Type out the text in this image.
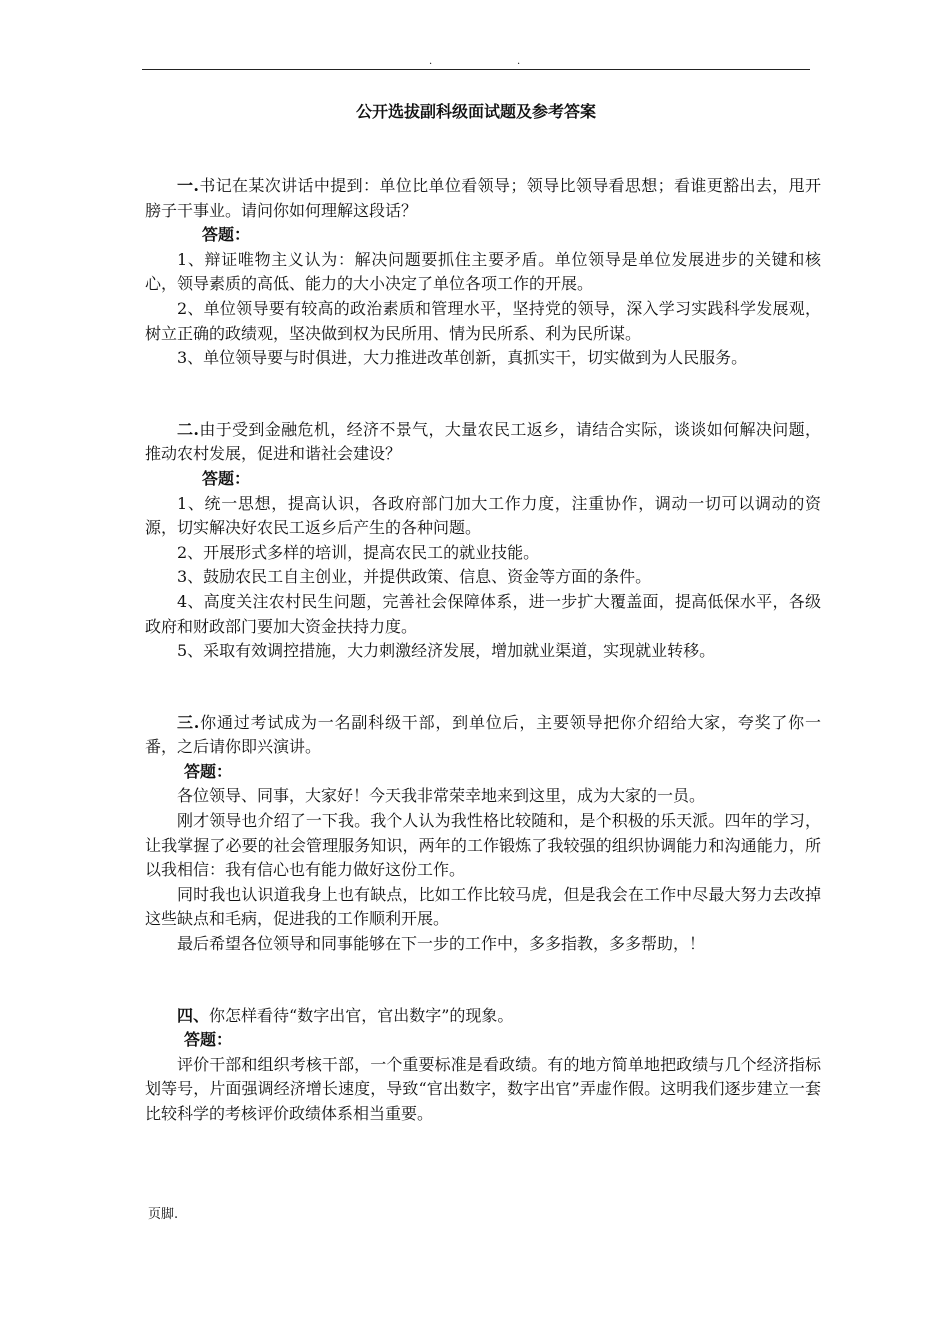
.	.
公开选拔副科级面试题及参考答案

一.书记在某次讲话中提到：单位比单位看领导；领导比领导看思想；看谁更豁出去，甩开膀子干事业。请问你如何理解这段话？

答题：

1、辩证唯物主义认为：解决问题要抓住主要矛盾。单位领导是单位发展进步的关键和核心，领导素质的高低、能力的大小决定了单位各项工作的开展。

2、单位领导要有较高的政治素质和管理水平，坚持党的领导，深入学习实践科学发展观，树立正确的政绩观，坚决做到权为民所用、情为民所系、利为民所谋。

3、单位领导要与时俱进，大力推进改革创新，真抓实干，切实做到为人民服务。

二.由于受到金融危机，经济不景气，大量农民工返乡，请结合实际，谈谈如何解决问题，推动农村发展，促进和谐社会建设？

答题：

1、统一思想，提高认识，各政府部门加大工作力度，注重协作，调动一切可以调动的资源，切实解决好农民工返乡后产生的各种问题。

2、开展形式多样的培训，提高农民工的就业技能。

3、鼓励农民工自主创业，并提供政策、信息、资金等方面的条件。

4、高度关注农村民生问题，完善社会保障体系，进一步扩大覆盖面，提高低保水平，各级政府和财政部门要加大资金扶持力度。

5、采取有效调控措施，大力刺激经济发展，增加就业渠道，实现就业转移。

三.你通过考试成为一名副科级干部，到单位后，主要领导把你介绍给大家，夸奖了你一番，之后请你即兴演讲。

答题：

各位领导、同事，大家好！今天我非常荣幸地来到这里，成为大家的一员。

刚才领导也介绍了一下我。我个人认为我性格比较随和，是个积极的乐天派。四年的学习，让我掌握了必要的社会管理服务知识，两年的工作锻炼了我较强的组织协调能力和沟通能力，所以我相信：我有信心也有能力做好这份工作。

同时我也认识道我身上也有缺点，比如工作比较马虎，但是我会在工作中尽最大努力去改掉这些缺点和毛病，促进我的工作顺利开展。

最后希望各位领导和同事能够在下一步的工作中，多多指教，多多帮助，！

四、你怎样看待“数字出官，官出数字”的现象。

答题：

评价干部和组织考核干部，一个重要标准是看政绩。有的地方简单地把政绩与几个经济指标划等号，片面强调经济增长速度，导致“官出数字，数字出官”弄虚作假。这明我们逐步建立一套比较科学的考核评价政绩体系相当重要。

页脚.
